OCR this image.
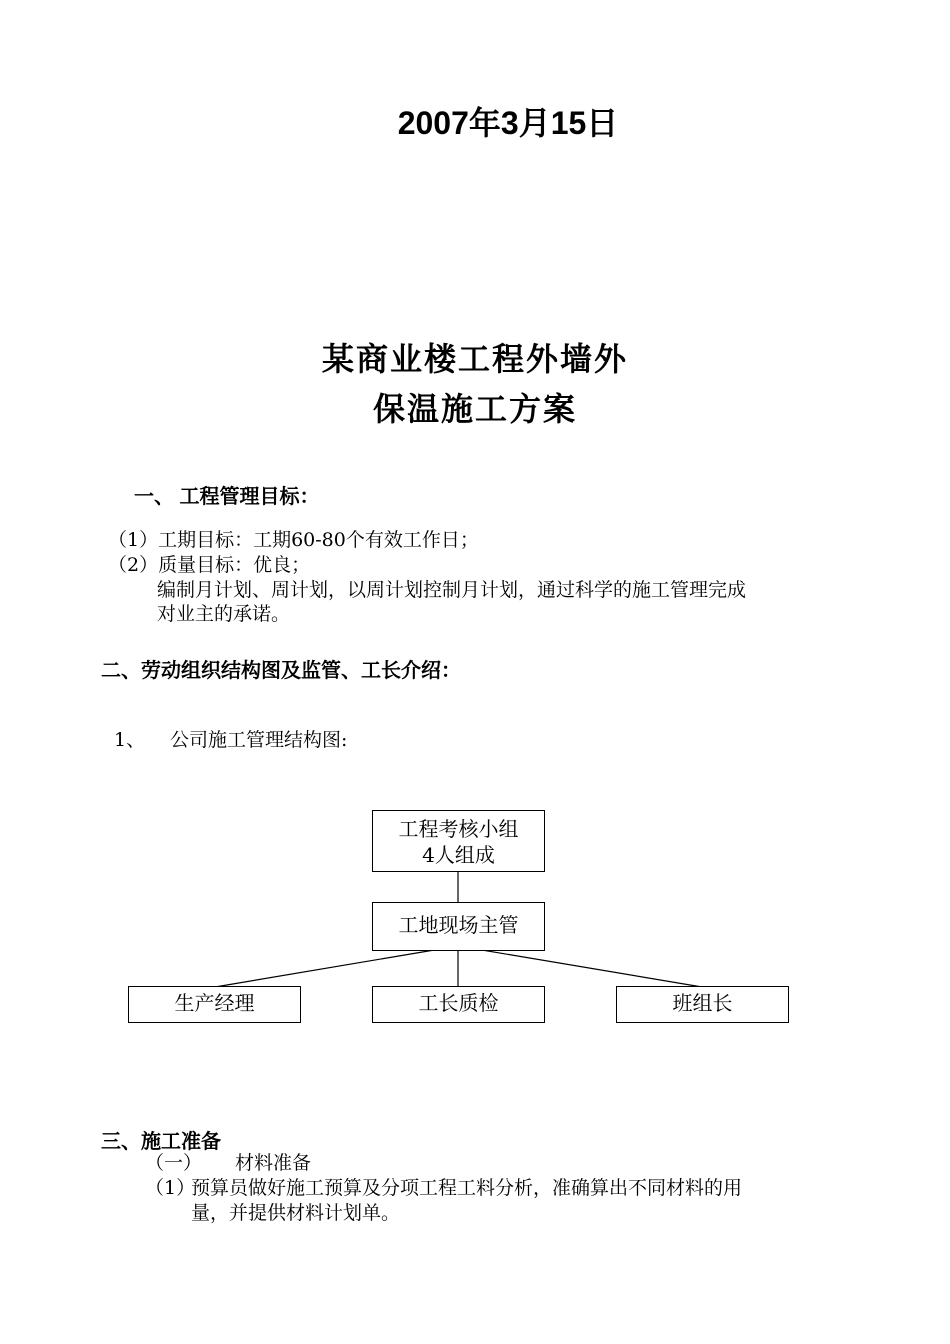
2007年3月15日
某商业楼工程外墙外
保温施工方案
一、 工程管理目标：
（1）工期目标：工期60-80个有效工作日；
（2）质量目标：优良；
编制月计划、周计划，以周计划控制月计划，通过科学的施工管理完成
对业主的承诺。
二、劳动组织结构图及监管、工长介绍：
1、 公司施工管理结构图:
工程考核小组
4人组成
工地现场主管
生产经理	工长质检	班组长
三、施工准备
（一） 材料准备
（1）
预算员做好施工预算及分项工程工料分析，准确算出不同材料的用
量，并提供材料计划单。
